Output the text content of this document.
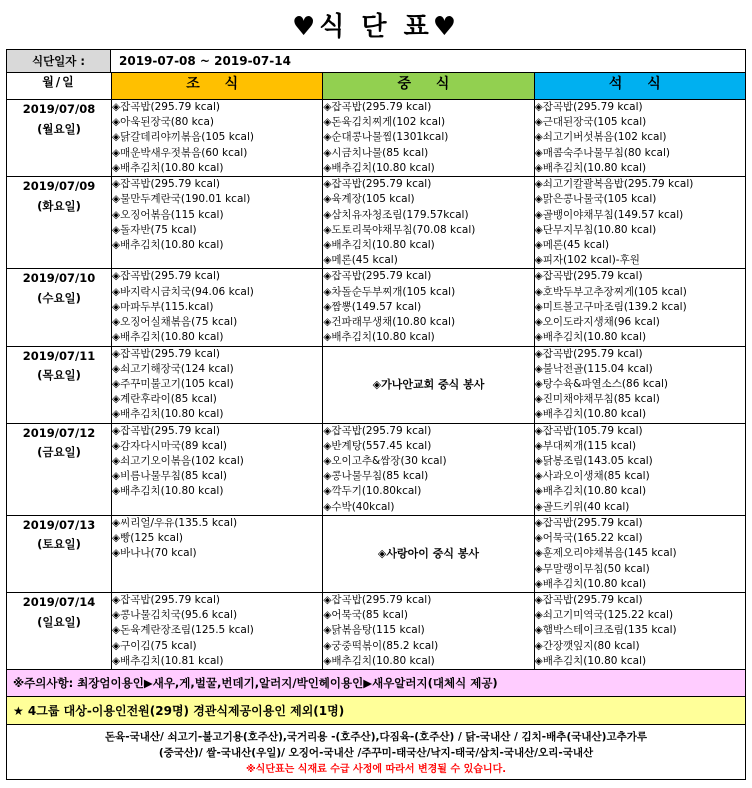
♥식 단 표♥
식단일자 :	2019-07-08 ~ 2019-07-14
월/일	조 식	중 식	석 식

2019/07/08
(월요일)

◈잡곡밥(295.79 kcal)
◈아욱된장국(80 kca)
◈닭갈데리야끼볶음(105 kcal)
◈매운박새우젓볶음(60 kcal)
◈배추김치(10.80 kcal)

◈잡곡밥(295.79 kcal)
◈돈육김치찌게(102 kcal)
◈순대콩나물찜(1301kcal)
◈시금치나물(85 kcal)
◈배추김치(10.80 kcal)

◈잡곡밥(295.79 kcal)
◈근대된장국(105 kcal)
◈쇠고기버섯볶음(102 kcal)
◈매콤숙주나물무침(80 kcal)
◈배추김치(10.80 kcal)

2019/07/09
(화요일)

◈잡곡밥(295.79 kcal)
◈물만두계란국(190.01 kcal)
◈오징어볶음(115 kcal)
◈돌자반(75 kcal)
◈배추김치(10.80 kcal)

◈잡곡밥(295.79 kcal)
◈육계장(105 kcal)
◈삼치유자청조림(179.57kcal)
◈도토리묵야채무침(70.08 kcal)
◈배추김치(10.80 kcal)
◈메론(45 kcal)

◈쇠고기칼괄복음밥(295.79 kcal)
◈맑은콩나물국(105 kcal)
◈골뱅이야채무침(149.57 kcal)
◈단무지무침(10.80 kcal)
◈메론(45 kcal)
◈피자(102 kcal)-후원

2019/07/10
(수요일)

◈잡곡밥(295.79 kcal)
◈바지락시금치국(94.06 kcal)
◈마파두부(115.kcal)
◈오징어실채볶음(75 kcal)
◈배추김치(10.80 kcal)

◈잡곡밥(295.79 kcal)
◈차돌순두부찌개(105 kcal)
◈짬뽕(149.57 kcal)
◈건파래무생채(10.80 kcal)
◈배추김치(10.80 kcal)

◈잡곡밥(295.79 kcal)
◈호박두부고추장찌게(105 kcal)
◈미트볼고구마조림(139.2 kcal)
◈오이도라지생채(96 kcal)
◈배추김치(10.80 kcal)

2019/07/11
(목요일)

◈잡곡밥(295.79 kcal)
◈쇠고기해장국(124 kcal)
◈주꾸미불고기(105 kcal)
◈계란후라이(85 kcal)
◈배추김치(10.80 kcal)

◈가나안교회 중식 봉사

◈잡곡밥(295.79 kcal)
◈불낙전골(115.04 kcal)
◈탕수육&파열소스(86 kcal)
◈진미채야채무침(85 kcal)
◈배추김치(10.80 kcal)

2019/07/12
(금요일)

◈잡곡밥(295.79 kcal)
◈감자다시마국(89 kcal)
◈쇠고기오이볶음(102 kcal)
◈비름나물무침(85 kcal)
◈배추김치(10.80 kcal)

◈잡곡밥(295.79 kcal)
◈반계탕(557.45 kcal)
◈오이고추&쌈장(30 kcal)
◈콩나물무침(85 kcal)
◈깍두기(10.80kcal)
◈수박(40kcal)

◈잡곡밥(105.79 kcal)
◈부대찌개(115 kcal)
◈닭봉조림(143.05 kcal)
◈사과오이생채(85 kcal)
◈배추김치(10.80 kcal)
◈골드키위(40 kcal)

2019/07/13
(토요일)

◈씨리얼/우유(135.5 kcal)
◈빵(125 kcal)
◈바나나(70 kcal)	◈사랑아이 중식 봉사

◈잡곡밥(295.79 kcal)
◈어묵국(165.22 kcal)
◈훈제오리야채볶음(145 kcal)
◈무말랭이무침(50 kcal)
◈배추김치(10.80 kcal)

2019/07/14
(일요일)

◈잡곡밥(295.79 kcal)
◈콩나물김치국(95.6 kcal)
◈돈육계란장조림(125.5 kcal)
◈구이김(75 kcal)
◈배추김치(10.81 kcal)

◈잡곡밥(295.79 kcal)
◈어묵국(85 kcal)
◈닭볶음탕(115 kcal)
◈궁중떡볶이(85.2 kcal)
◈배추김치(10.80 kcal)

◈잡곡밥(295.79 kcal)
◈쇠고기미역국(125.22 kcal)
◈햄박스테이크조림(135 kcal)
◈간장깻잎지(80 kcal)
◈배추김치(10.80 kcal)
※주의사항: 최장엄이용인▶새우,게,벌꿀,번데기,알러지/박인헤이용인▶새우알러지(대체식 제공)
★ 4그룹 대상-이용인전원(29명) 경관식제공이용인 제외(1명)
돈육-국내산/ 쇠고기-불고기용(호주산),국거리용 -(호주산),다짐육-(호주산) / 닭-국내산 / 김치-배추(국내산)고추가루
(중국산)/ 쌀-국내산(우일)/ 오징어-국내산 /주꾸미-태국산/낙지-태국/삼치-국내산/오리-국내산
※식단표는 식재료 수급 사정에 따라서 변경될 수 있습니다.
